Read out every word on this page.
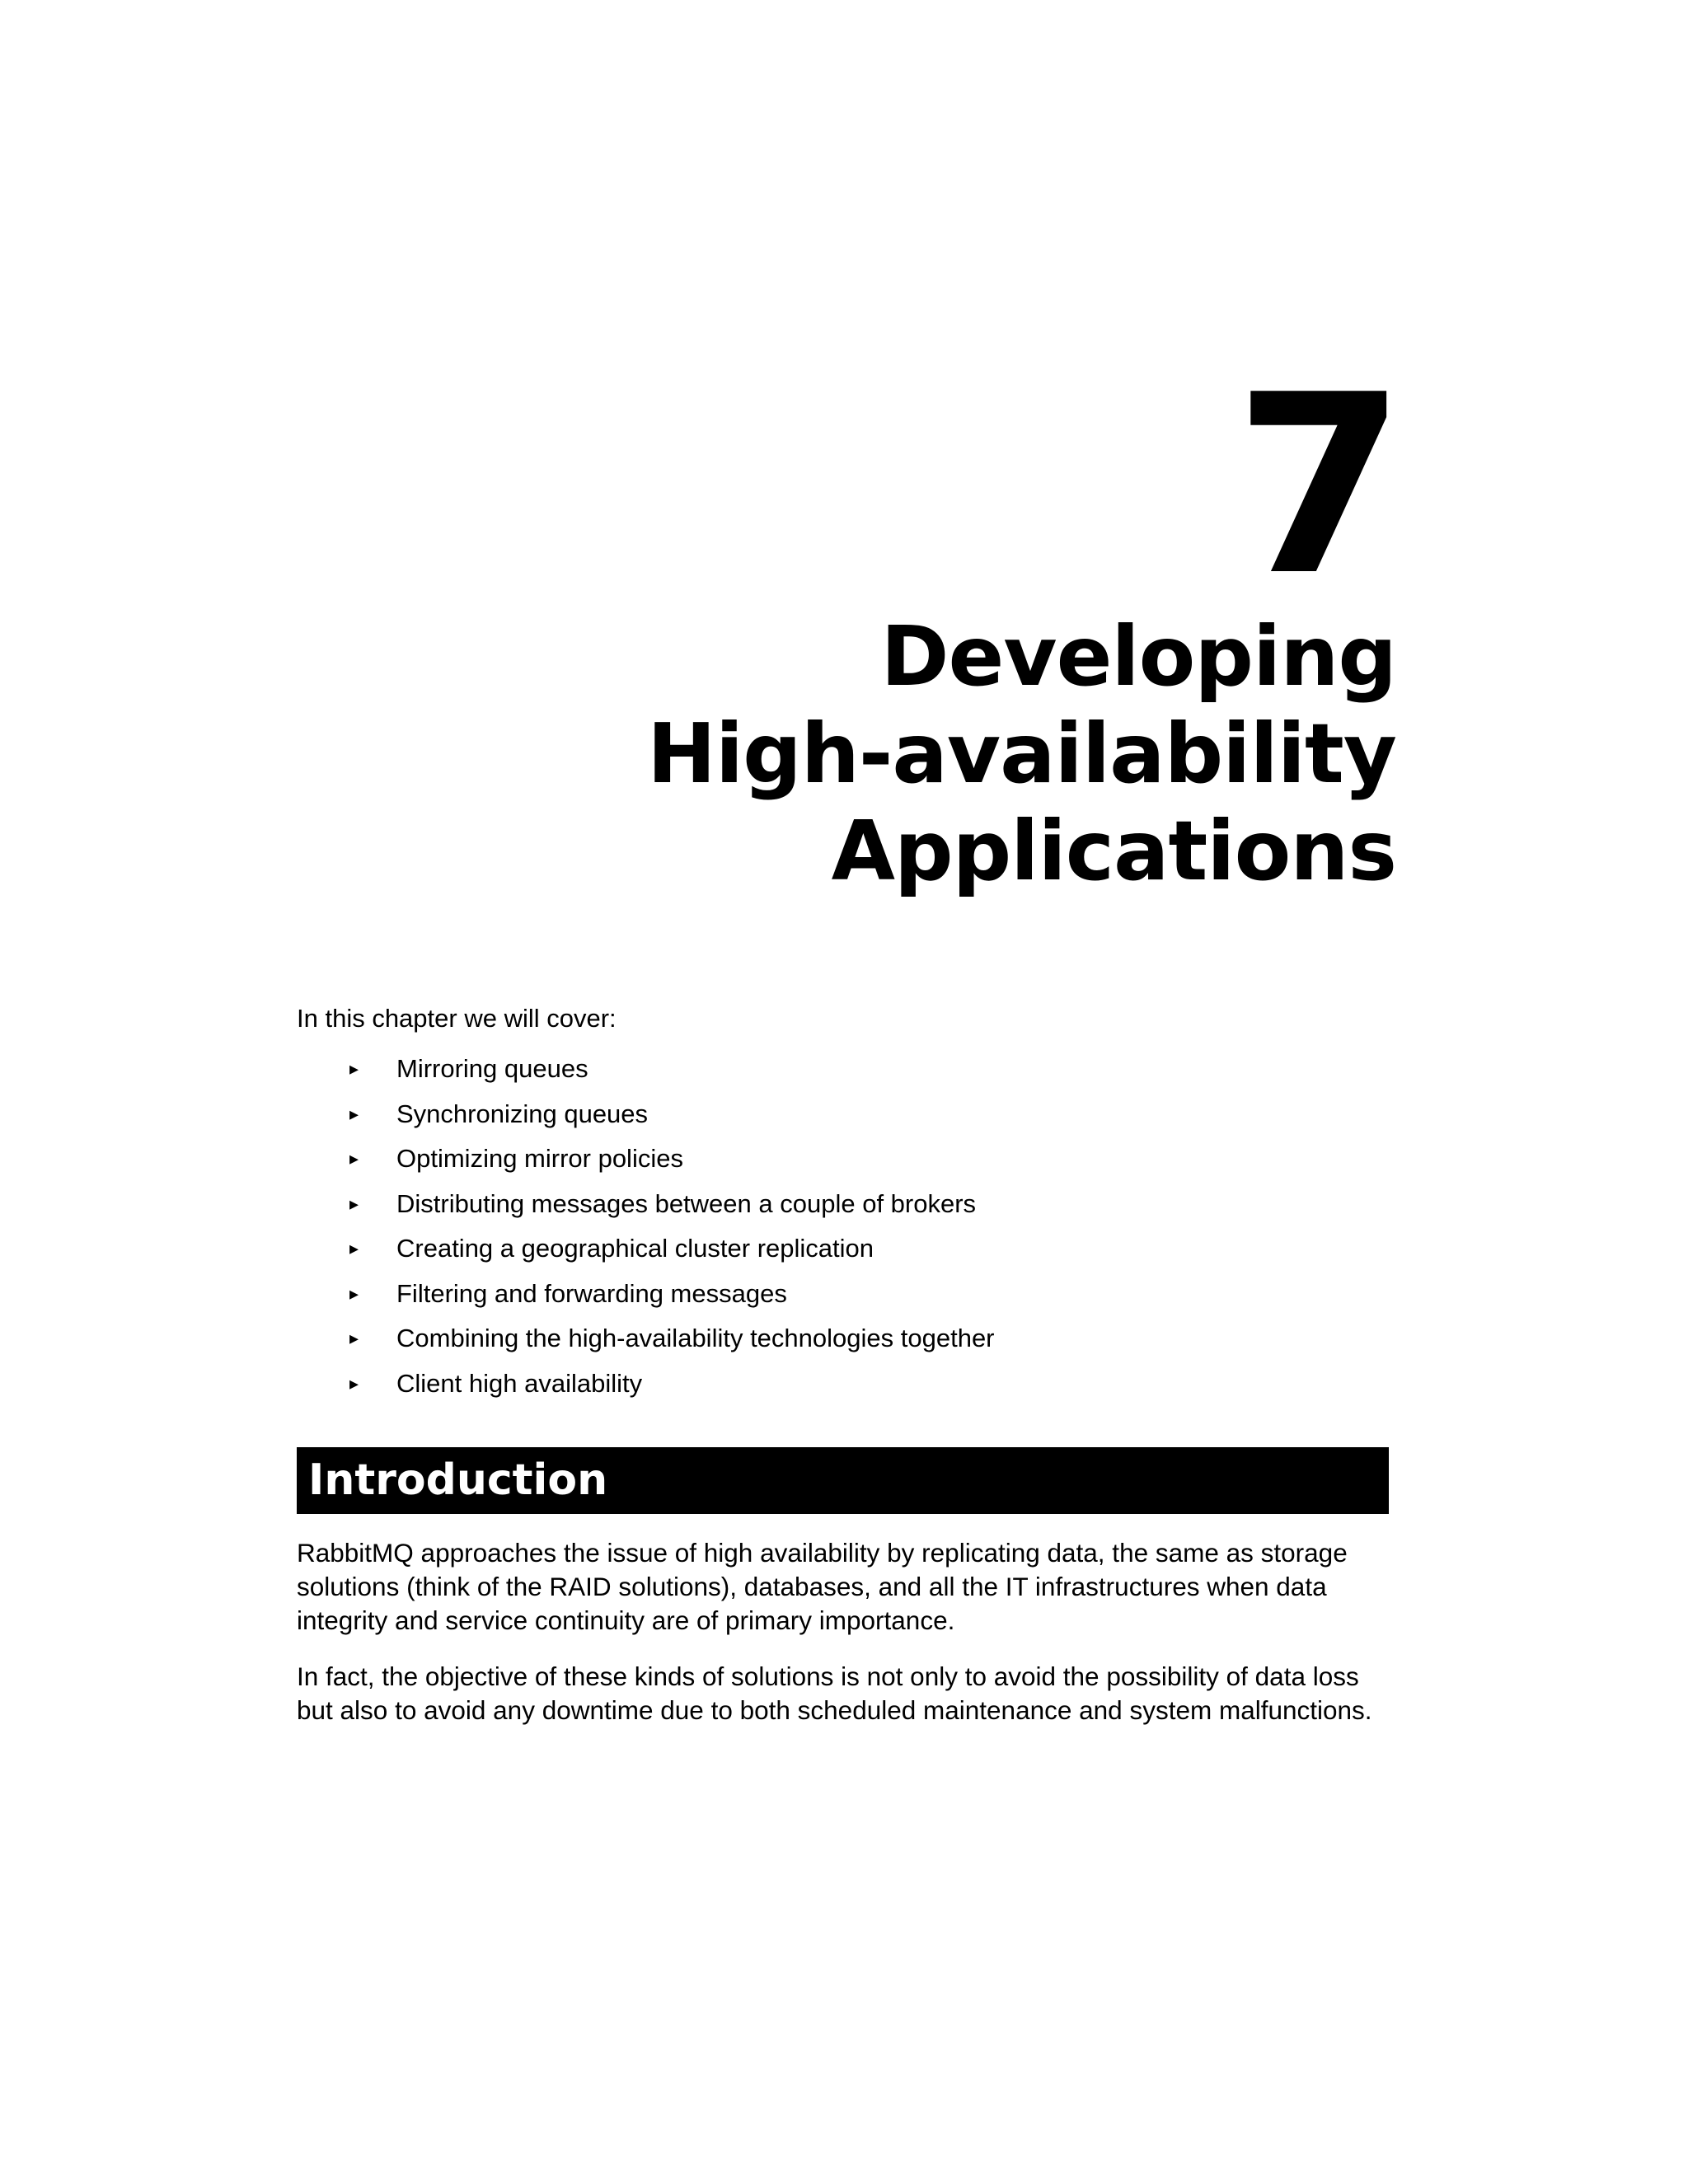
7
Developing
High-availability
Applications

In this chapter we will cover:

▸ Mirroring queues
▸ Synchronizing queues
▸ Optimizing mirror policies
▸ Distributing messages between a couple of brokers
▸ Creating a geographical cluster replication
▸ Filtering and forwarding messages
▸ Combining the high-availability technologies together
▸ Client high availability
Introduction

RabbitMQ approaches the issue of high availability by replicating data, the same as storage solutions (think of the RAID solutions), databases, and all the IT infrastructures when data integrity and service continuity are of primary importance.

In fact, the objective of these kinds of solutions is not only to avoid the possibility of data loss but also to avoid any downtime due to both scheduled maintenance and system malfunctions.
